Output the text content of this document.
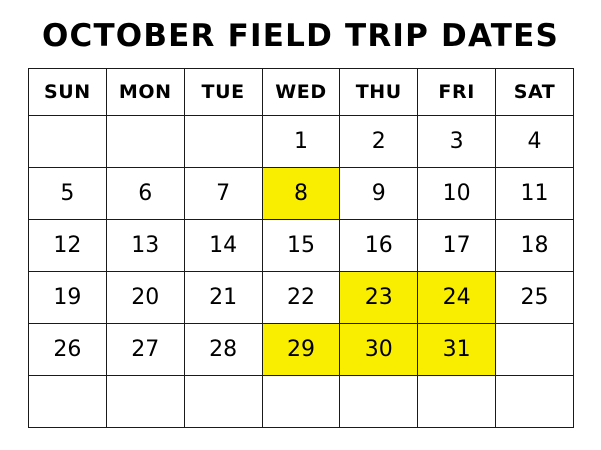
OCTOBER FIELD TRIP DATES
SUN	MON	TUE	WED	THU	FRI	SAT
			1	2	3	4
5	6	7	8	9	10	11
12	13	14	15	16	17	18
19	20	21	22	23	24	25
26	27	28	29	30	31	
